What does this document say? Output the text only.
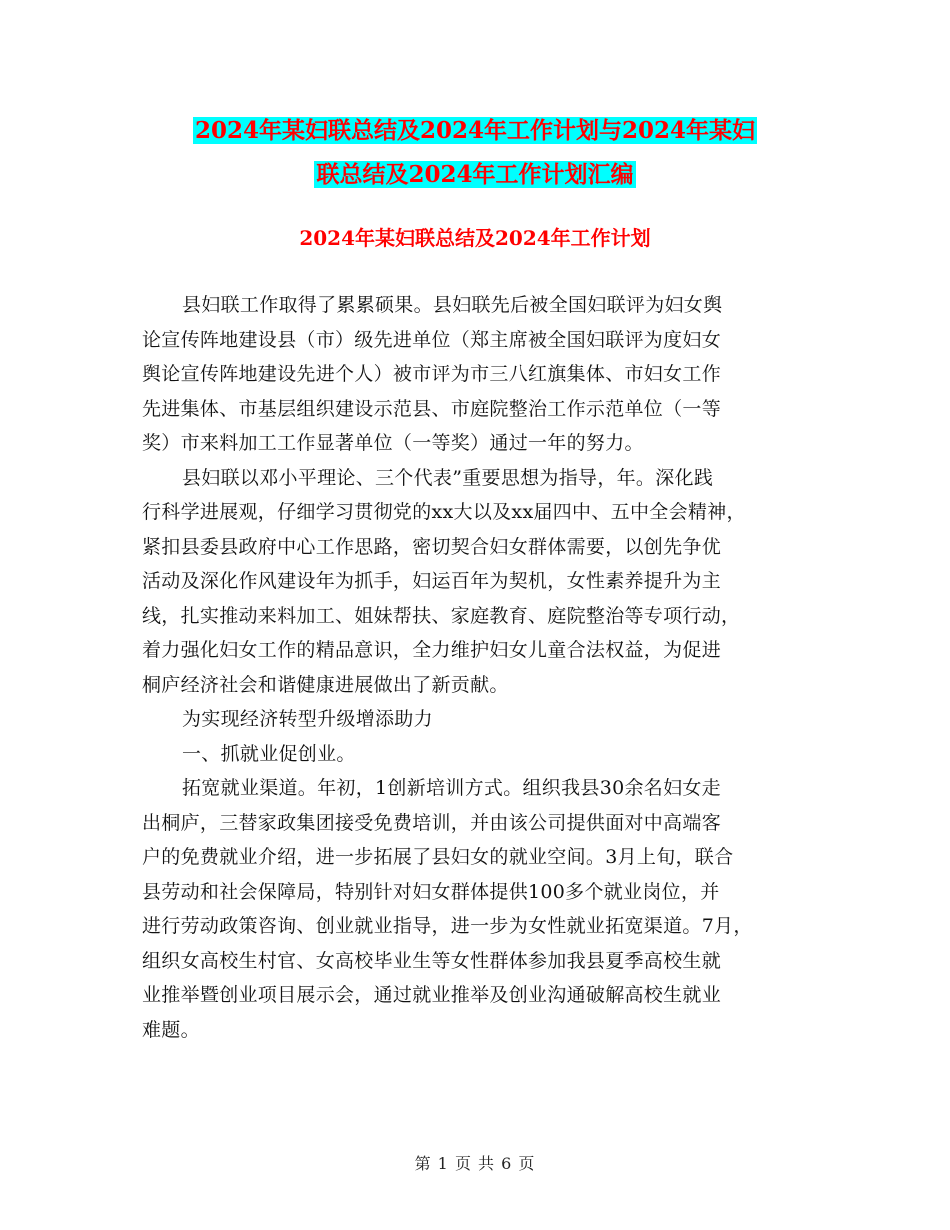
2024年某妇联总结及2024年工作计划与2024年某妇
联总结及2024年工作计划汇编
2024年某妇联总结及2024年工作计划
县妇联工作取得了累累硕果。县妇联先后被全国妇联评为妇女舆
论宣传阵地建设县（市）级先进单位（郑主席被全国妇联评为度妇女
舆论宣传阵地建设先进个人）被市评为市三八红旗集体、市妇女工作
先进集体、市基层组织建设示范县、市庭院整治工作示范单位（一等
奖）市来料加工工作显著单位（一等奖）通过一年的努力。
县妇联以邓小平理论、三个代表”重要思想为指导，年。深化践
行科学进展观，仔细学习贯彻党的xx大以及xx届四中、五中全会精神，
紧扣县委县政府中心工作思路，密切契合妇女群体需要，以创先争优
活动及深化作风建设年为抓手，妇运百年为契机，女性素养提升为主
线，扎实推动来料加工、姐妹帮扶、家庭教育、庭院整治等专项行动，
着力强化妇女工作的精品意识，全力维护妇女儿童合法权益，为促进
桐庐经济社会和谐健康进展做出了新贡献。
为实现经济转型升级增添助力
一、抓就业促创业。
拓宽就业渠道。年初，1创新培训方式。组织我县30余名妇女走
出桐庐，三替家政集团接受免费培训，并由该公司提供面对中高端客
户的免费就业介绍，进一步拓展了县妇女的就业空间。3月上旬，联合
县劳动和社会保障局，特别针对妇女群体提供100多个就业岗位，并
进行劳动政策咨询、创业就业指导，进一步为女性就业拓宽渠道。7月，
组织女高校生村官、女高校毕业生等女性群体参加我县夏季高校生就
业推举暨创业项目展示会，通过就业推举及创业沟通破解高校生就业
难题。
第 1 页 共 6 页
